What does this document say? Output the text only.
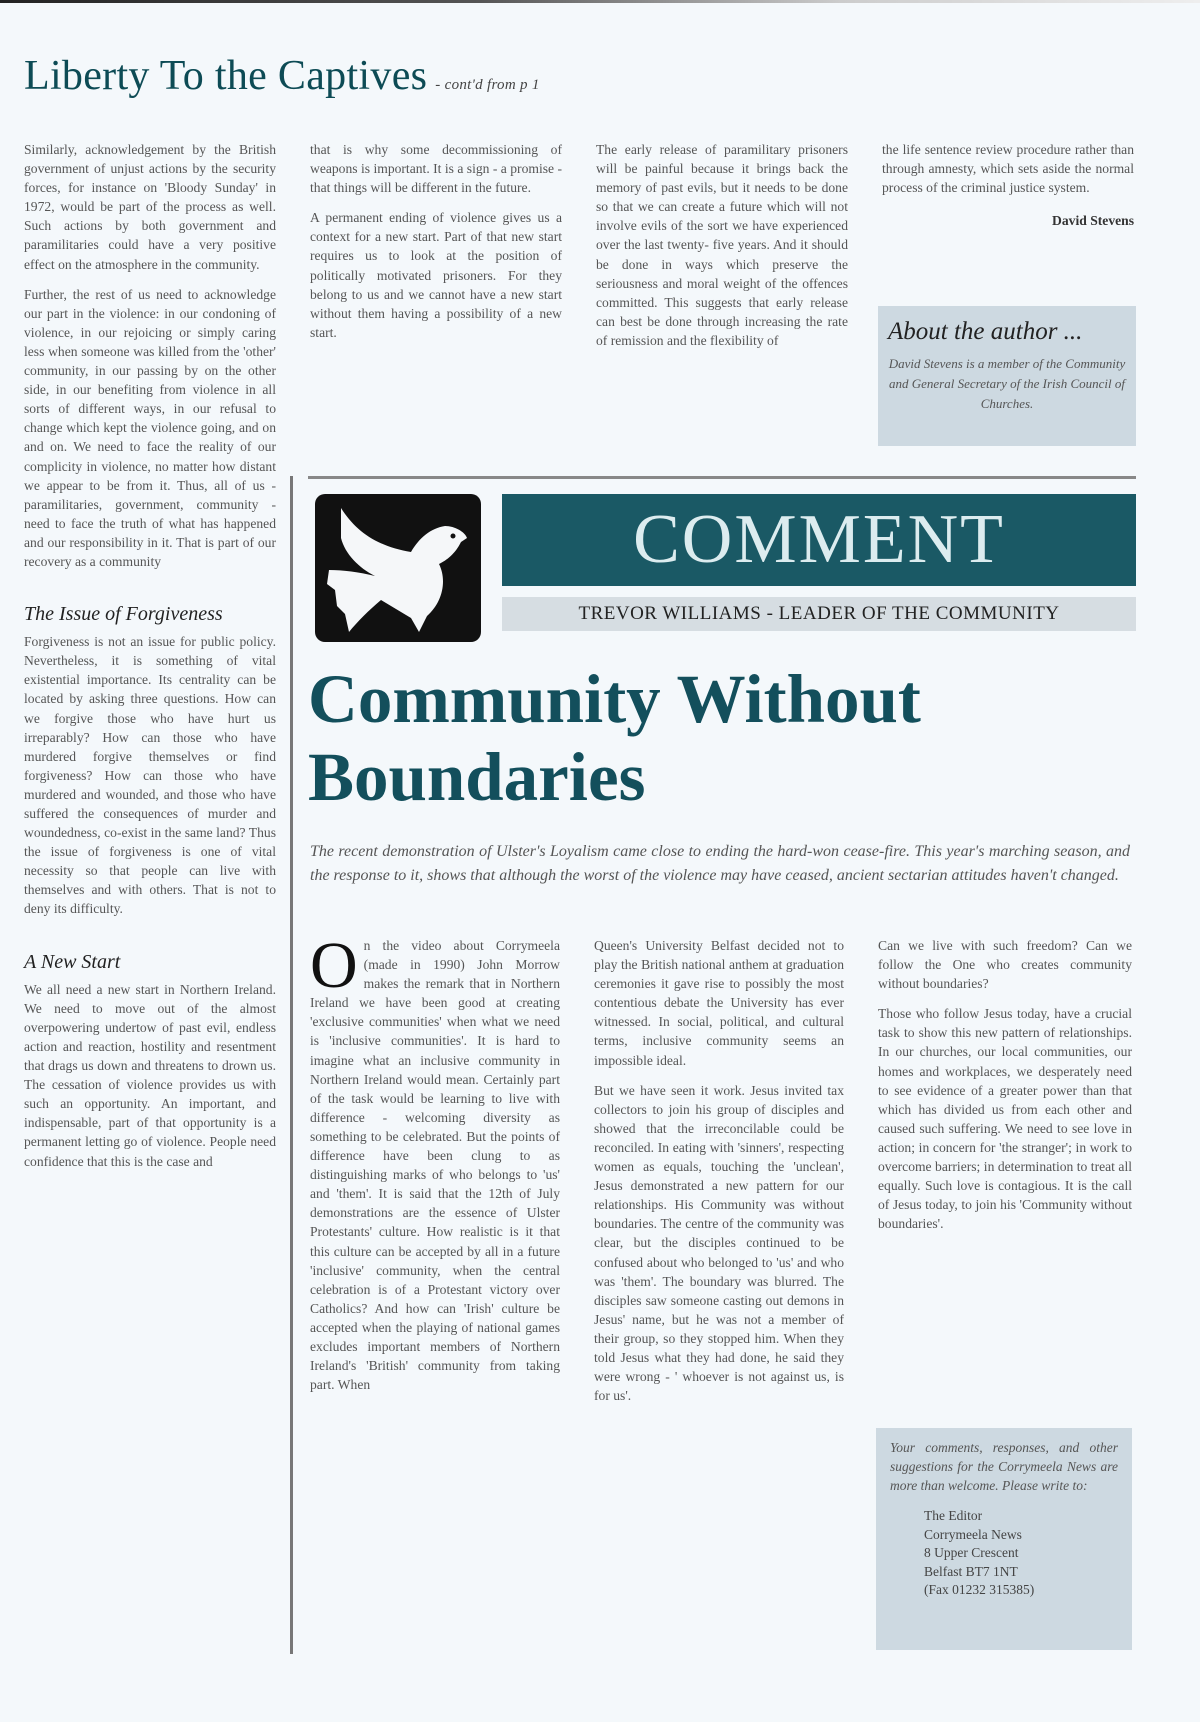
Liberty To the Captives - cont'd from p 1

Similarly, acknowledgement by the British government of unjust actions by the security forces, for instance on 'Bloody Sunday' in 1972, would be part of the process as well. Such actions by both government and paramilitaries could have a very positive effect on the atmosphere in the community.

Further, the rest of us need to acknowledge our part in the violence: in our condoning of violence, in our rejoicing or simply caring less when someone was killed from the 'other' community, in our passing by on the other side, in our benefiting from violence in all sorts of different ways, in our refusal to change which kept the violence going, and on and on. We need to face the reality of our complicity in violence, no matter how distant we appear to be from it. Thus, all of us - paramilitaries, government, community - need to face the truth of what has happened and our responsibility in it. That is part of our recovery as a community

The Issue of Forgiveness

Forgiveness is not an issue for public policy. Nevertheless, it is something of vital existential importance. Its centrality can be located by asking three questions. How can we forgive those who have hurt us irreparably? How can those who have murdered forgive themselves or find forgiveness? How can those who have murdered and wounded, and those who have suffered the consequences of murder and woundedness, co-exist in the same land? Thus the issue of forgiveness is one of vital necessity so that people can live with themselves and with others. That is not to deny its difficulty.

A New Start

We all need a new start in Northern Ireland. We need to move out of the almost overpowering undertow of past evil, endless action and reaction, hostility and resentment that drags us down and threatens to drown us. The cessation of violence provides us with such an opportunity. An important, and indispensable, part of that opportunity is a permanent letting go of violence. People need confidence that this is the case and

that is why some decommissioning of weapons is important. It is a sign - a promise - that things will be different in the future.

A permanent ending of violence gives us a context for a new start. Part of that new start requires us to look at the position of politically motivated prisoners. For they belong to us and we cannot have a new start without them having a possibility of a new start.

The early release of paramilitary prisoners will be painful because it brings back the memory of past evils, but it needs to be done so that we can create a future which will not involve evils of the sort we have experienced over the last twenty- five years. And it should be done in ways which preserve the seriousness and moral weight of the offences committed. This suggests that early release can best be done through increasing the rate of remission and the flexibility of

the life sentence review procedure rather than through amnesty, which sets aside the normal process of the criminal justice system.

David Stevens
About the author ...
David Stevens is a member of the Community and General Secretary of the Irish Council of Churches.
COMMENT
TREVOR WILLIAMS - LEADER OF THE COMMUNITY
Community Without Boundaries
The recent demonstration of Ulster's Loyalism came close to ending the hard-won cease-fire. This year's marching season, and the response to it, shows that although the worst of the violence may have ceased, ancient sectarian attitudes haven't changed.

On the video about Corrymeela (made in 1990) John Morrow makes the remark that in Northern Ireland we have been good at creating 'exclusive communities' when what we need is 'inclusive communities'. It is hard to imagine what an inclusive community in Northern Ireland would mean. Certainly part of the task would be learning to live with difference - welcoming diversity as something to be celebrated. But the points of difference have been clung to as distinguishing marks of who belongs to 'us' and 'them'. It is said that the 12th of July demonstrations are the essence of Ulster Protestants' culture. How realistic is it that this culture can be accepted by all in a future 'inclusive' community, when the central celebration is of a Protestant victory over Catholics? And how can 'Irish' culture be accepted when the playing of national games excludes important members of Northern Ireland's 'British' community from taking part. When

Queen's University Belfast decided not to play the British national anthem at graduation ceremonies it gave rise to possibly the most contentious debate the University has ever witnessed. In social, political, and cultural terms, inclusive community seems an impossible ideal.

But we have seen it work. Jesus invited tax collectors to join his group of disciples and showed that the irreconcilable could be reconciled. In eating with 'sinners', respecting women as equals, touching the 'unclean', Jesus demonstrated a new pattern for our relationships. His Community was without boundaries. The centre of the community was clear, but the disciples continued to be confused about who belonged to 'us' and who was 'them'. The boundary was blurred. The disciples saw someone casting out demons in Jesus' name, but he was not a member of their group, so they stopped him. When they told Jesus what they had done, he said they were wrong - ' whoever is not against us, is for us'.

Can we live with such freedom? Can we follow the One who creates community without boundaries?

Those who follow Jesus today, have a crucial task to show this new pattern of relationships. In our churches, our local communities, our homes and workplaces, we desperately need to see evidence of a greater power than that which has divided us from each other and caused such suffering. We need to see love in action; in concern for 'the stranger'; in work to overcome barriers; in determination to treat all equally. Such love is contagious. It is the call of Jesus today, to join his 'Community without boundaries'.

Your comments, responses, and other suggestions for the Corrymeela News are more than welcome. Please write to:
The Editor
Corrymeela News
8 Upper Crescent
Belfast BT7 1NT
(Fax 01232 315385)
